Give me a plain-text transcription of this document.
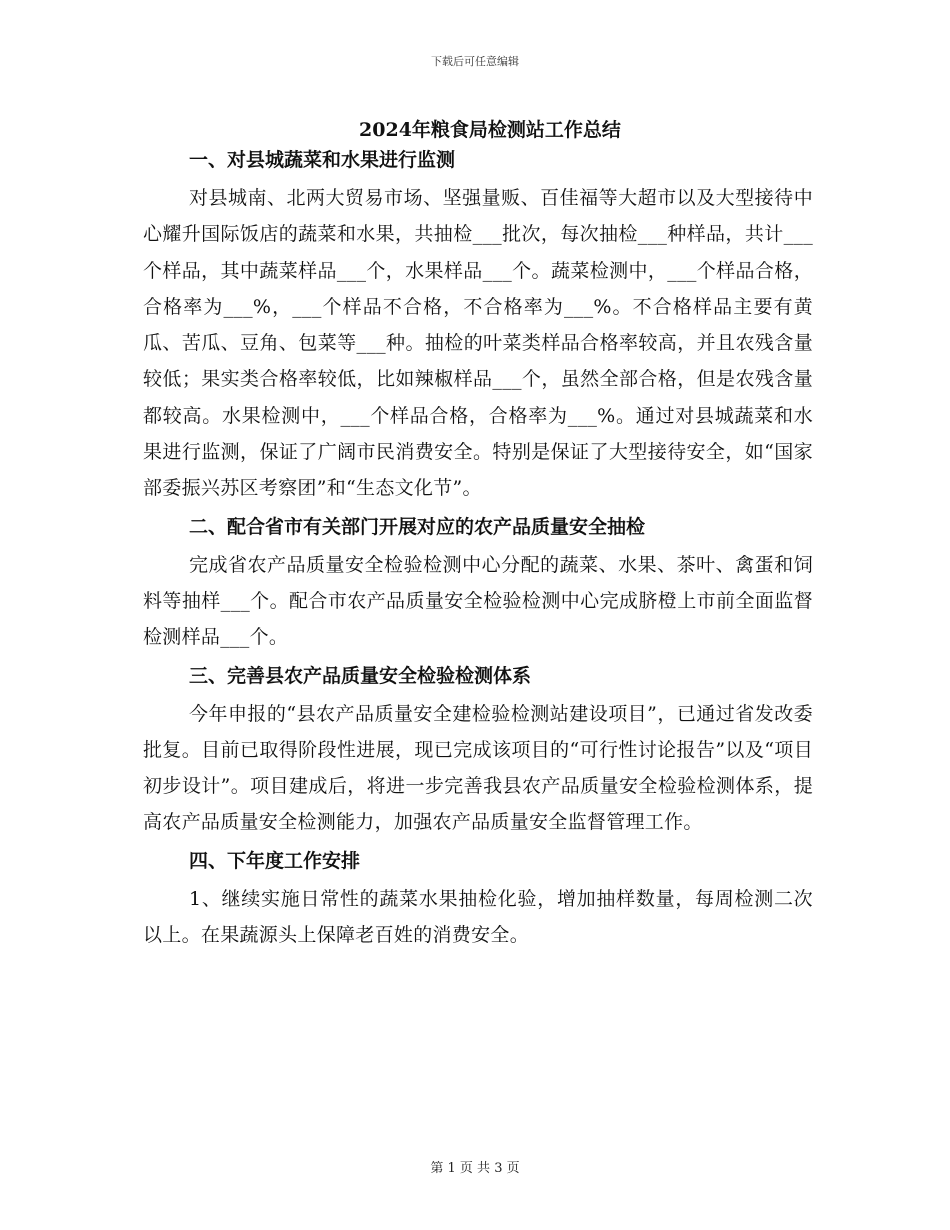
下载后可任意编辑
2024年粮食局检测站工作总结

一、对县城蔬菜和水果进行监测

对县城南、北两大贸易市场、坚强量贩、百佳福等大超市以及大型接待中心耀升国际饭店的蔬菜和水果，共抽检___批次，每次抽检___种样品，共计___个样品，其中蔬菜样品___个，水果样品___个。蔬菜检测中，___个样品合格，合格率为___%，___个样品不合格，不合格率为___%。不合格样品主要有黄瓜、苦瓜、豆角、包菜等___种。抽检的叶菜类样品合格率较高，并且农残含量较低；果实类合格率较低，比如辣椒样品___个，虽然全部合格，但是农残含量都较高。水果检测中，___个样品合格，合格率为___%。通过对县城蔬菜和水果进行监测，保证了广阔市民消费安全。特别是保证了大型接待安全，如“国家部委振兴苏区考察团”和“生态文化节”。

二、配合省市有关部门开展对应的农产品质量安全抽检

完成省农产品质量安全检验检测中心分配的蔬菜、水果、茶叶、禽蛋和饲料等抽样___个。配合市农产品质量安全检验检测中心完成脐橙上市前全面监督检测样品___个。

三、完善县农产品质量安全检验检测体系

今年申报的“县农产品质量安全建检验检测站建设项目”，已通过省发改委批复。目前已取得阶段性进展，现已完成该项目的“可行性讨论报告”以及“项目初步设计”。项目建成后，将进一步完善我县农产品质量安全检验检测体系，提高农产品质量安全检测能力，加强农产品质量安全监督管理工作。

四、下年度工作安排

1、继续实施日常性的蔬菜水果抽检化验，增加抽样数量，每周检测二次以上。在果蔬源头上保障老百姓的消费安全。

第 1 页 共 3 页
